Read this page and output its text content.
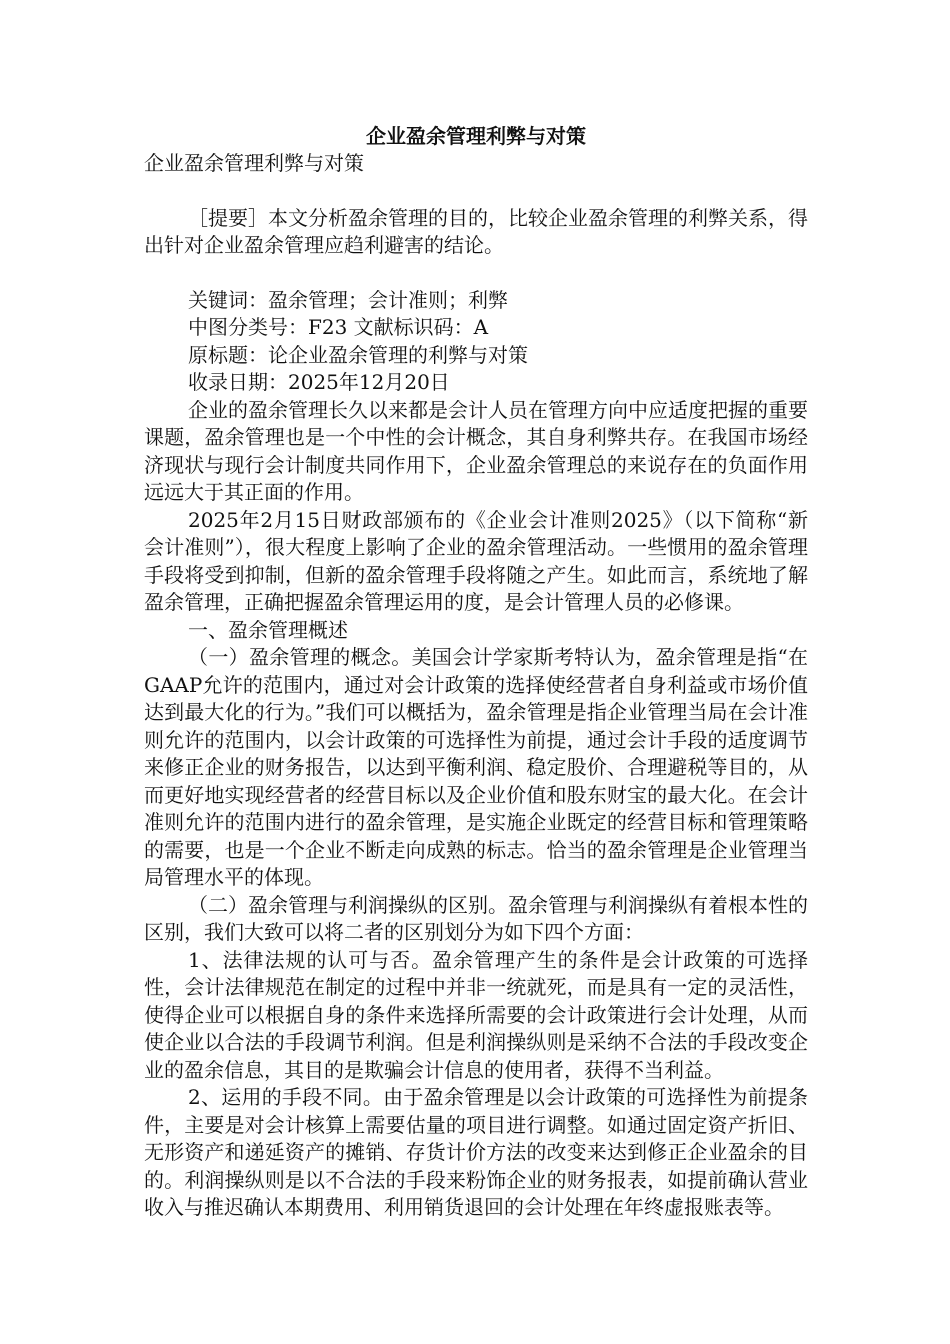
企业盈余管理利弊与对策

企业盈余管理利弊与对策

［提要］本文分析盈余管理的目的，比较企业盈余管理的利弊关系，得出针对企业盈余管理应趋利避害的结论。

关键词：盈余管理；会计准则；利弊

中图分类号：F23 文献标识码：A

原标题：论企业盈余管理的利弊与对策

收录日期：2025年12月20日

企业的盈余管理长久以来都是会计人员在管理方向中应适度把握的重要课题，盈余管理也是一个中性的会计概念，其自身利弊共存。在我国市场经济现状与现行会计制度共同作用下，企业盈余管理总的来说存在的负面作用远远大于其正面的作用。

2025年2月15日财政部颁布的《企业会计准则2025》（以下简称“新会计准则”），很大程度上影响了企业的盈余管理活动。一些惯用的盈余管理手段将受到抑制，但新的盈余管理手段将随之产生。如此而言，系统地了解盈余管理，正确把握盈余管理运用的度，是会计管理人员的必修课。

一、盈余管理概述

（一）盈余管理的概念。美国会计学家斯考特认为，盈余管理是指“在GAAP允许的范围内，通过对会计政策的选择使经营者自身利益或市场价值达到最大化的行为。”我们可以概括为，盈余管理是指企业管理当局在会计准则允许的范围内，以会计政策的可选择性为前提，通过会计手段的适度调节来修正企业的财务报告，以达到平衡利润、稳定股价、合理避税等目的，从而更好地实现经营者的经营目标以及企业价值和股东财宝的最大化。在会计准则允许的范围内进行的盈余管理，是实施企业既定的经营目标和管理策略的需要，也是一个企业不断走向成熟的标志。恰当的盈余管理是企业管理当局管理水平的体现。

（二）盈余管理与利润操纵的区别。盈余管理与利润操纵有着根本性的区别，我们大致可以将二者的区别划分为如下四个方面：

1、法律法规的认可与否。盈余管理产生的条件是会计政策的可选择性，会计法律规范在制定的过程中并非一统就死，而是具有一定的灵活性，使得企业可以根据自身的条件来选择所需要的会计政策进行会计处理，从而使企业以合法的手段调节利润。但是利润操纵则是采纳不合法的手段改变企业的盈余信息，其目的是欺骗会计信息的使用者，获得不当利益。

2、运用的手段不同。由于盈余管理是以会计政策的可选择性为前提条件，主要是对会计核算上需要估量的项目进行调整。如通过固定资产折旧、无形资产和递延资产的摊销、存货计价方法的改变来达到修正企业盈余的目的。利润操纵则是以不合法的手段来粉饰企业的财务报表，如提前确认营业收入与推迟确认本期费用、利用销货退回的会计处理在年终虚报账表等。
